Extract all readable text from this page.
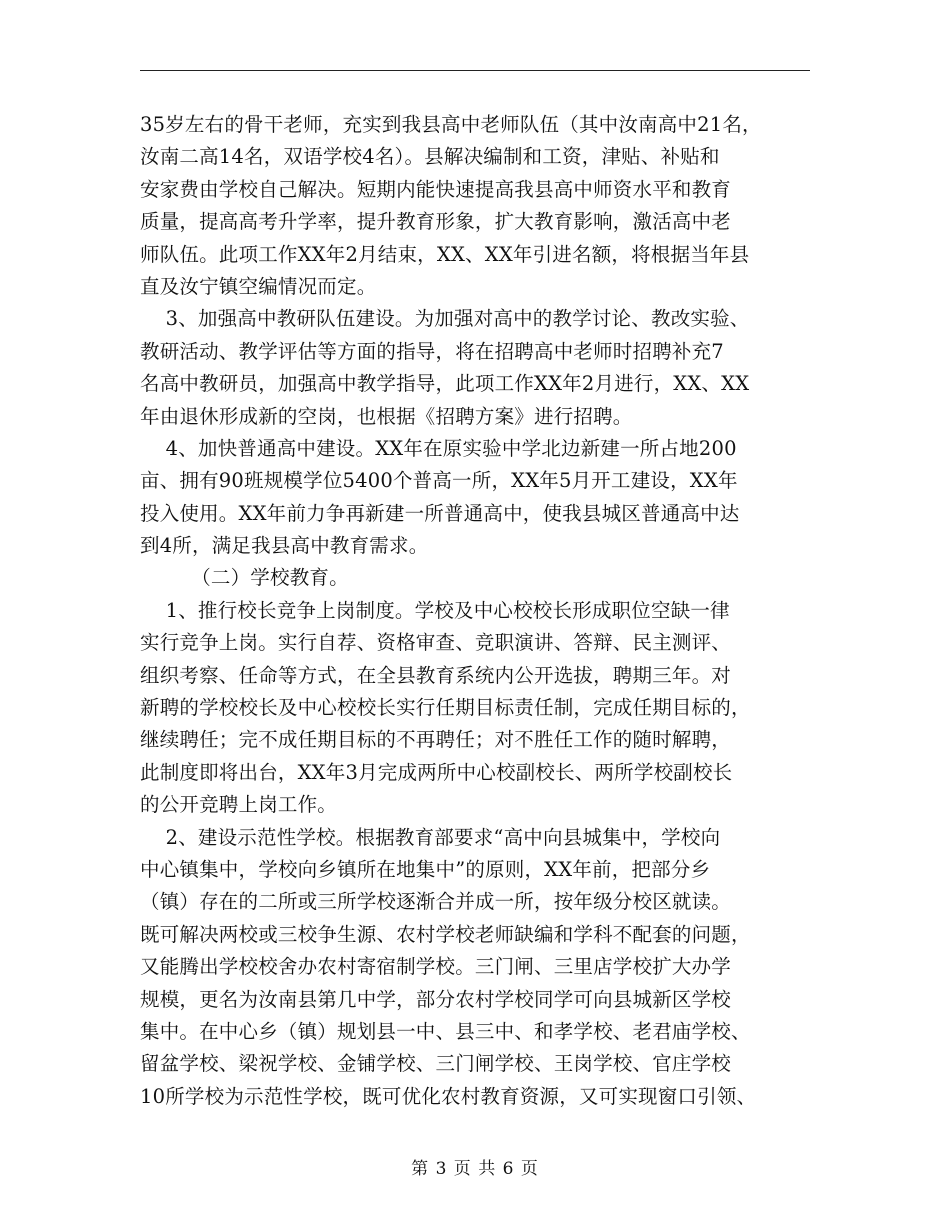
35岁左右的骨干老师，充实到我县高中老师队伍（其中汝南高中21名，
汝南二高14名，双语学校4名）。县解决编制和工资，津贴、补贴和
安家费由学校自己解决。短期内能快速提高我县高中师资水平和教育
质量，提高高考升学率，提升教育形象，扩大教育影响，激活高中老
师队伍。此项工作XX年2月结束，XX、XX年引进名额，将根据当年县
直及汝宁镇空编情况而定。
3、加强高中教研队伍建设。为加强对高中的教学讨论、教改实验、
教研活动、教学评估等方面的指导，将在招聘高中老师时招聘补充7
名高中教研员，加强高中教学指导，此项工作XX年2月进行，XX、XX
年由退休形成新的空岗，也根据《招聘方案》进行招聘。
4、加快普通高中建设。XX年在原实验中学北边新建一所占地200
亩、拥有90班规模学位5400个普高一所，XX年5月开工建设，XX年
投入使用。XX年前力争再新建一所普通高中，使我县城区普通高中达
到4所，满足我县高中教育需求。
（二）学校教育。
1、推行校长竞争上岗制度。学校及中心校校长形成职位空缺一律
实行竞争上岗。实行自荐、资格审查、竞职演讲、答辩、民主测评、
组织考察、任命等方式，在全县教育系统内公开选拔，聘期三年。对
新聘的学校校长及中心校校长实行任期目标责任制，完成任期目标的，
继续聘任；完不成任期目标的不再聘任；对不胜任工作的随时解聘，
此制度即将出台，XX年3月完成两所中心校副校长、两所学校副校长
的公开竞聘上岗工作。
2、建设示范性学校。根据教育部要求“高中向县城集中，学校向
中心镇集中，学校向乡镇所在地集中”的原则，XX年前，把部分乡
（镇）存在的二所或三所学校逐渐合并成一所，按年级分校区就读。
既可解决两校或三校争生源、农村学校老师缺编和学科不配套的问题，
又能腾出学校校舍办农村寄宿制学校。三门闸、三里店学校扩大办学
规模，更名为汝南县第几中学，部分农村学校同学可向县城新区学校
集中。在中心乡（镇）规划县一中、县三中、和孝学校、老君庙学校、
留盆学校、梁祝学校、金铺学校、三门闸学校、王岗学校、官庄学校
10所学校为示范性学校，既可优化农村教育资源，又可实现窗口引领、
第 3 页 共 6 页
